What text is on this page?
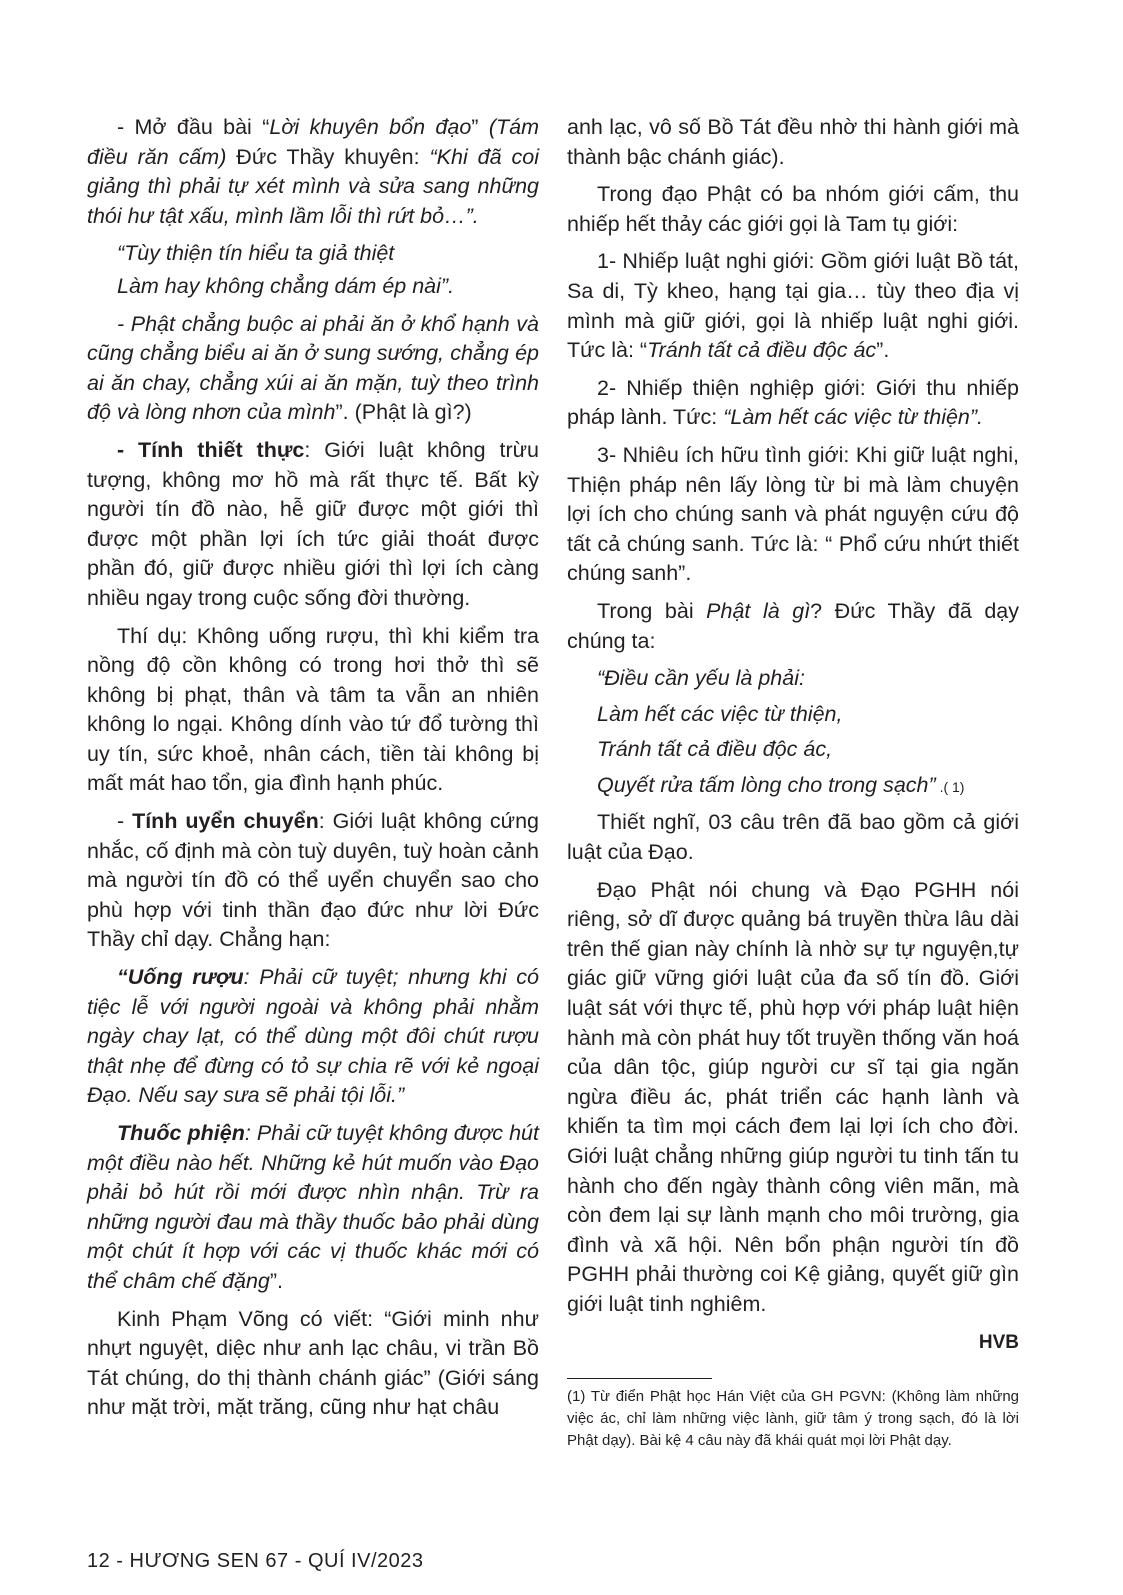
- Mở đầu bài “Lời khuyên bổn đạo” (Tám điều răn cấm) Đức Thầy khuyên: “Khi đã coi giảng thì phải tự xét mình và sửa sang những thói hư tật xấu, mình lầm lỗi thì rứt bỏ…”.

“Tùy thiện tín hiểu ta giả thiệt

Làm hay không chẳng dám ép nài”.

- Phật chẳng buộc ai phải ăn ở khổ hạnh và cũng chẳng biểu ai ăn ở sung sướng, chẳng ép ai ăn chay, chẳng xúi ai ăn mặn, tuỳ theo trình độ và lòng nhơn của mình”. (Phật là gì?)

- Tính thiết thực: Giới luật không trừu tượng, không mơ hồ mà rất thực tế. Bất kỳ người tín đồ nào, hễ giữ được một giới thì được một phần lợi ích tức giải thoát được phần đó, giữ được nhiều giới thì lợi ích càng nhiều ngay trong cuộc sống đời thường.

Thí dụ: Không uống rượu, thì khi kiểm tra nồng độ cồn không có trong hơi thở thì sẽ không bị phạt, thân và tâm ta vẫn an nhiên không lo ngại. Không dính vào tứ đổ tường thì uy tín, sức khoẻ, nhân cách, tiền tài không bị mất mát hao tổn, gia đình hạnh phúc.

- Tính uyển chuyển: Giới luật không cứng nhắc, cố định mà còn tuỳ duyên, tuỳ hoàn cảnh mà người tín đồ có thể uyển chuyển sao cho phù hợp với tinh thần đạo đức như lời Đức Thầy chỉ dạy. Chẳng hạn:

“Uống rượu: Phải cữ tuyệt; nhưng khi có tiệc lễ với người ngoài và không phải nhằm ngày chay lạt, có thể dùng một đôi chút rượu thật nhẹ để đừng có tỏ sự chia rẽ với kẻ ngoại Đạo. Nếu say sưa sẽ phải tội lỗi.”

Thuốc phiện: Phải cữ tuyệt không được hút một điều nào hết. Những kẻ hút muốn vào Đạo phải bỏ hút rồi mới được nhìn nhận. Trừ ra những người đau mà thầy thuốc bảo phải dùng một chút ít hợp với các vị thuốc khác mới có thể châm chế đặng”.

Kinh Phạm Võng có viết: “Giới minh như nhựt nguyệt, diệc như anh lạc châu, vi trần Bồ Tát chúng, do thị thành chánh giác” (Giới sáng như mặt trời, mặt trăng, cũng như hạt châu

anh lạc, vô số Bồ Tát đều nhờ thi hành giới mà thành bậc chánh giác).

Trong đạo Phật có ba nhóm giới cấm, thu nhiếp hết thảy các giới gọi là Tam tụ giới:

1- Nhiếp luật nghi giới: Gồm giới luật Bồ tát, Sa di, Tỳ kheo, hạng tại gia… tùy theo địa vị mình mà giữ giới, gọi là nhiếp luật nghi giới. Tức là: “Tránh tất cả điều độc ác”.

2- Nhiếp thiện nghiệp giới: Giới thu nhiếp pháp lành. Tức: “Làm hết các việc từ thiện”.

3- Nhiêu ích hữu tình giới: Khi giữ luật nghi, Thiện pháp nên lấy lòng từ bi mà làm chuyện lợi ích cho chúng sanh và phát nguyện cứu độ tất cả chúng sanh. Tức là: “ Phổ cứu nhứt thiết chúng sanh”.

Trong bài Phật là gì? Đức Thầy đã dạy chúng ta:

“Điều cần yếu là phải:

Làm hết các việc từ thiện,

Tránh tất cả điều độc ác,

Quyết rửa tấm lòng cho trong sạch” .( 1)

Thiết nghĩ, 03 câu trên đã bao gồm cả giới luật của Đạo.

Đạo Phật nói chung và Đạo PGHH nói riêng, sở dĩ được quảng bá truyền thừa lâu dài trên thế gian này chính là nhờ sự tự nguyện,tự giác giữ vững giới luật của đa số tín đồ. Giới luật sát với thực tế, phù hợp với pháp luật hiện hành mà còn phát huy tốt truyền thống văn hoá của dân tộc, giúp người cư sĩ tại gia ngăn ngừa điều ác, phát triển các hạnh lành và khiến ta tìm mọi cách đem lại lợi ích cho đời. Giới luật chẳng những giúp người tu tinh tấn tu hành cho đến ngày thành công viên mãn, mà còn đem lại sự lành mạnh cho môi trường, gia đình và xã hội. Nên bổn phận người tín đồ PGHH phải thường coi Kệ giảng, quyết giữ gìn giới luật tinh nghiêm.

HVB
(1) Từ điển Phật học Hán Việt của GH PGVN: (Không làm những việc ác, chỉ làm những việc lành, giữ tâm ý trong sạch, đó là lời Phật dạy). Bài kệ 4 câu này đã khái quát mọi lời Phật dạy.
12 - HƯƠNG SEN 67 - QUÍ IV/2023
